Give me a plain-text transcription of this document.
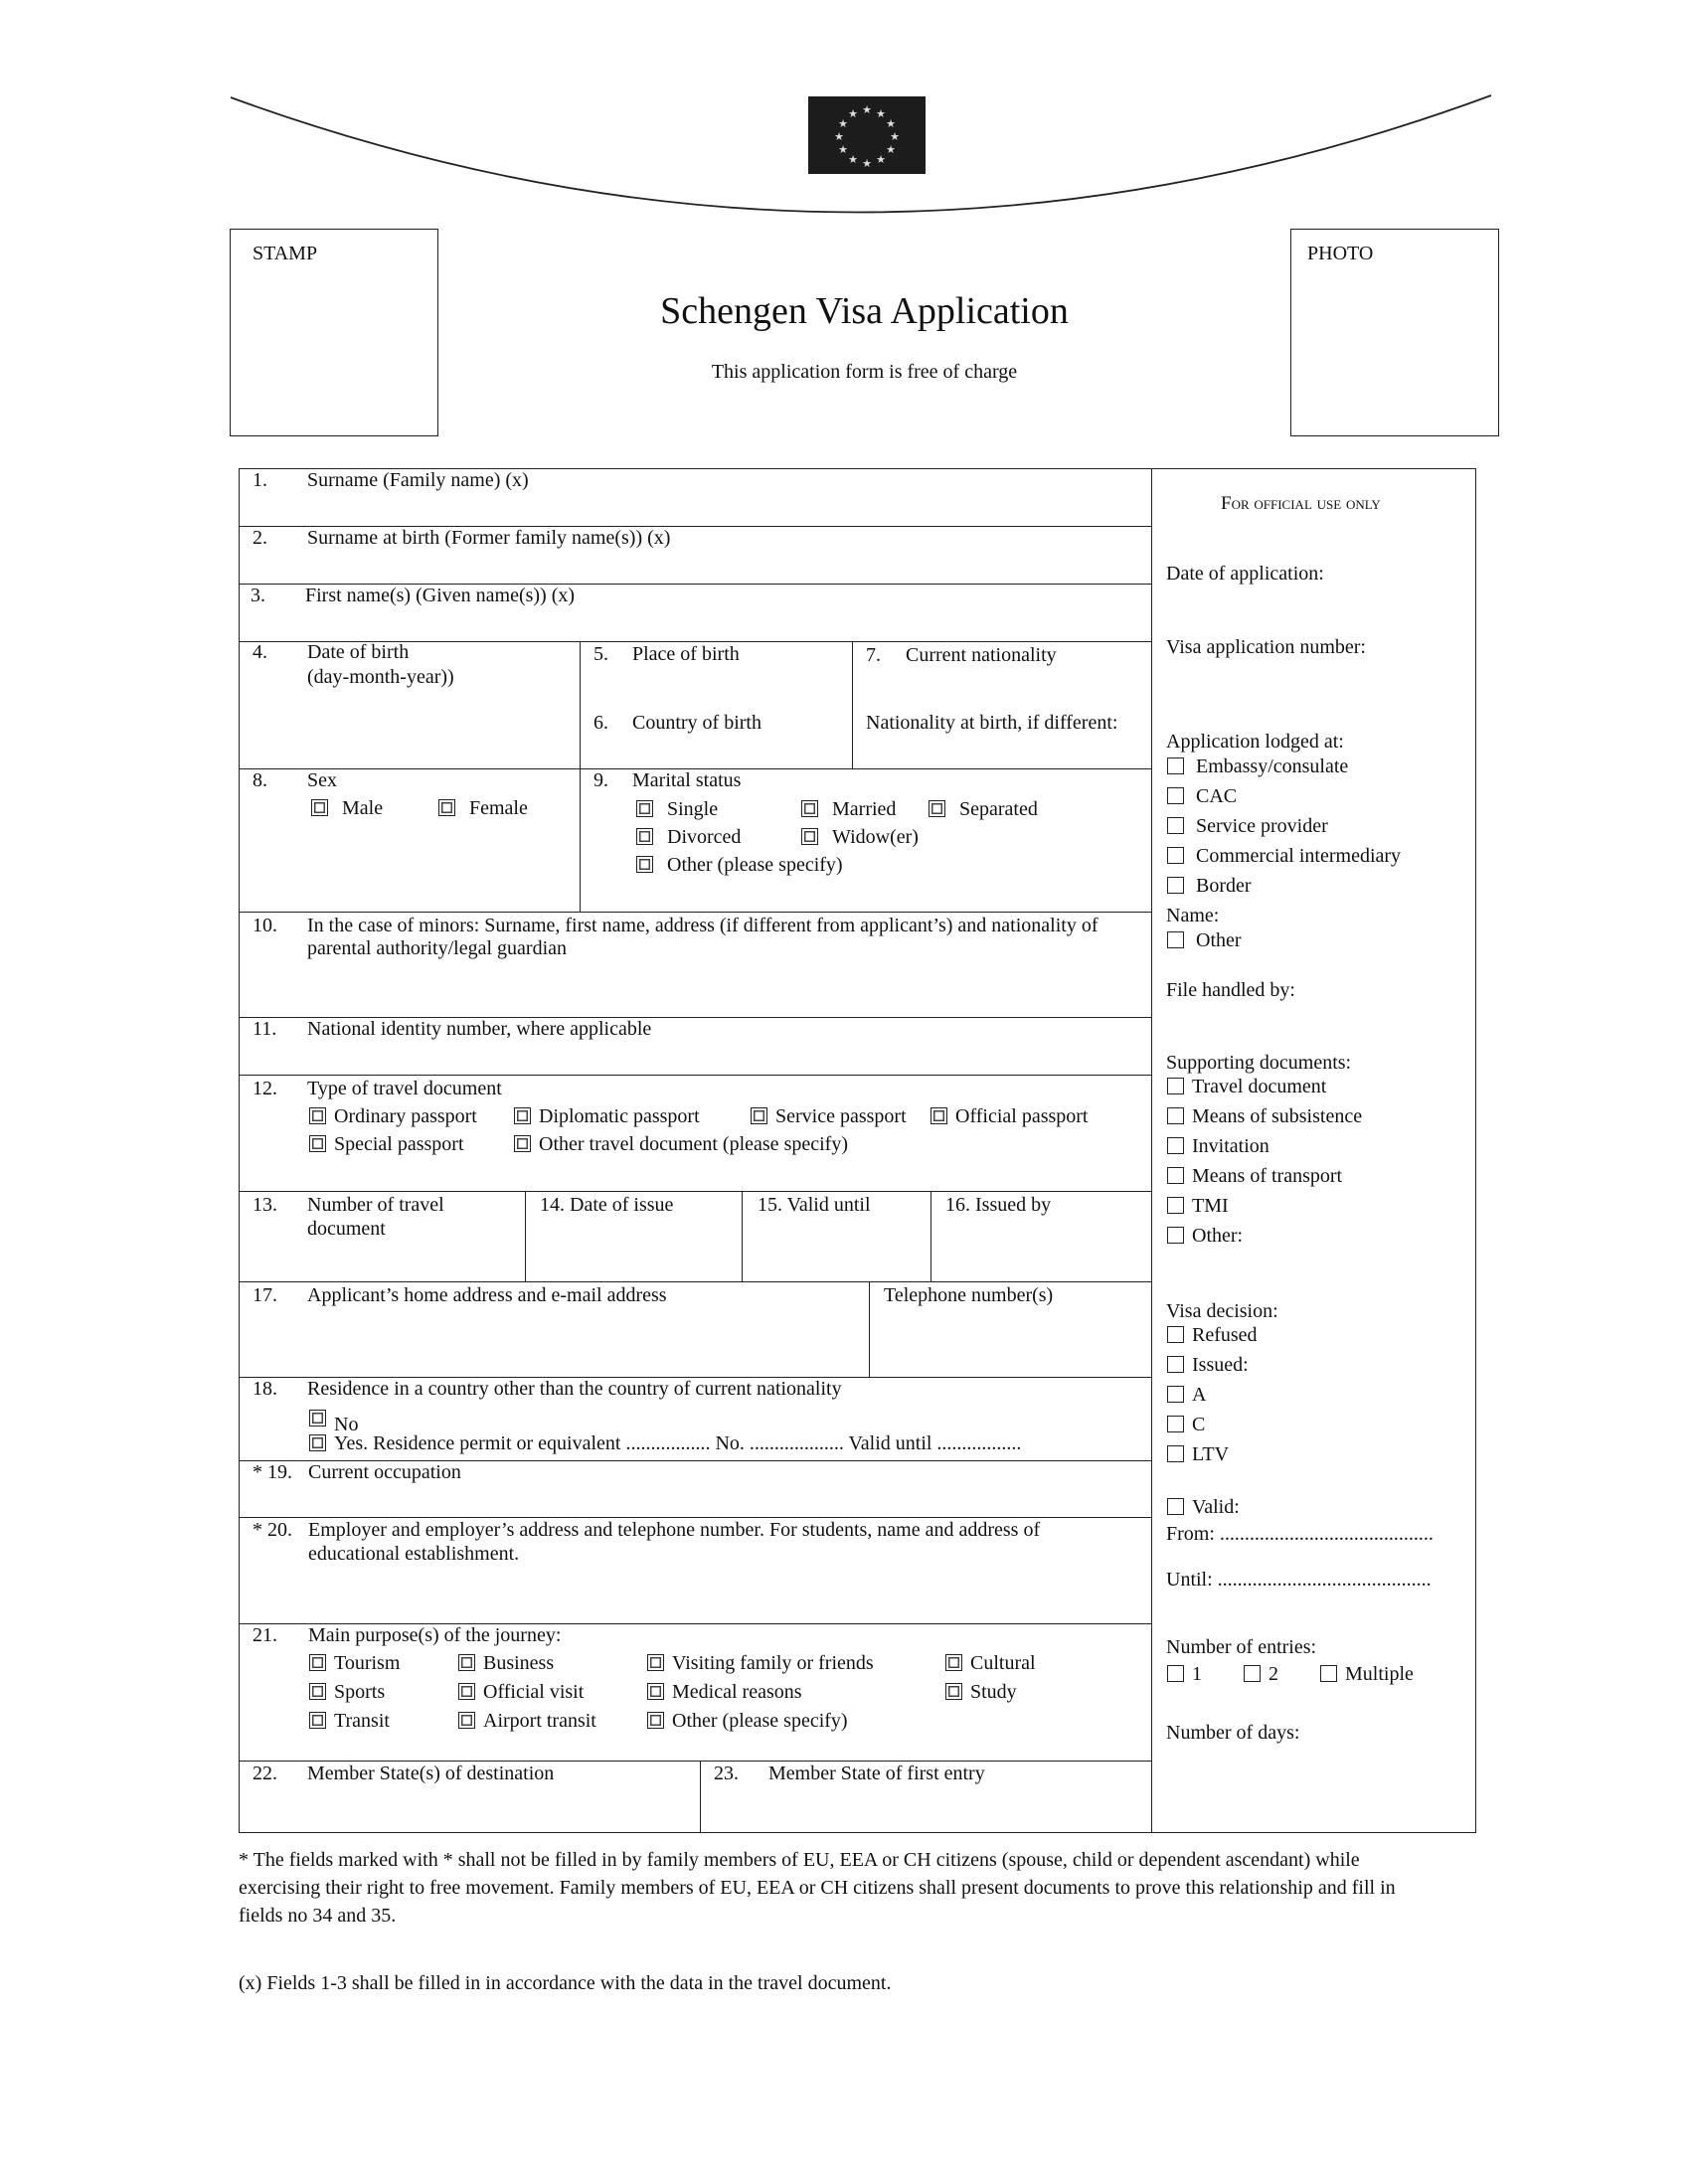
★ ★
★
★
★
★
★
★
★
★
★
★
STAMP	PHOTO
Schengen Visa Application
This application form is free of charge
1. Surname (Family name) (x)
2. Surname at birth (Former family name(s)) (x)
3. First name(s) (Given name(s)) (x)
4. Date of birth
(day-month-year))
5. Place of birth
6. Country of birth
7. Current nationality
Nationality at birth, if different:
8. Sex
Male	Female
9. Marital status
Single	Married	Separated
Divorced	Widow(er)
Other (please specify)
10. In the case of minors: Surname, first name, address (if different from applicant’s) and nationality of
parental authority/legal guardian
11. National identity number, where applicable
12. Type of travel document
Ordinary passport	Diplomatic passport	Service passport	Official passport
Special passport	Other travel document (please specify)
13. Number of travel
document
14. Date of issue	15. Valid until	16. Issued by
17. Applicant’s home address and e-mail address	Telephone number(s)
18. Residence in a country other than the country of current nationality
No
Yes. Residence permit or equivalent ................. No. ................... Valid until .................
* 19. Current occupation
* 20. Employer and employer’s address and telephone number. For students, name and address of
educational establishment.
21. Main purpose(s) of the journey:
Tourism	Business	Visiting family or friends	Cultural
Sports	Official visit	Medical reasons	Study
Transit	Airport transit	Other (please specify)
22. Member State(s) of destination	23. Member State of first entry
For official use only
Date of application:
Visa application number:
Application lodged at:
Embassy/consulate
CAC
Service provider
Commercial intermediary
Border
Name:
Other
File handled by:
Supporting documents:
Travel document
Means of subsistence
Invitation
Means of transport
TMI
Other:
Visa decision:
Refused
Issued:
A
C
LTV
Valid:
From: ...........................................
Until: ...........................................
Number of entries:
1	2	Multiple
Number of days:
* The fields marked with * shall not be filled in by family members of EU, EEA or CH citizens (spouse, child or dependent ascendant) while
exercising their right to free movement. Family members of EU, EEA or CH citizens shall present documents to prove this relationship and fill in
fields no 34 and 35.
(x) Fields 1-3 shall be filled in in accordance with the data in the travel document.
